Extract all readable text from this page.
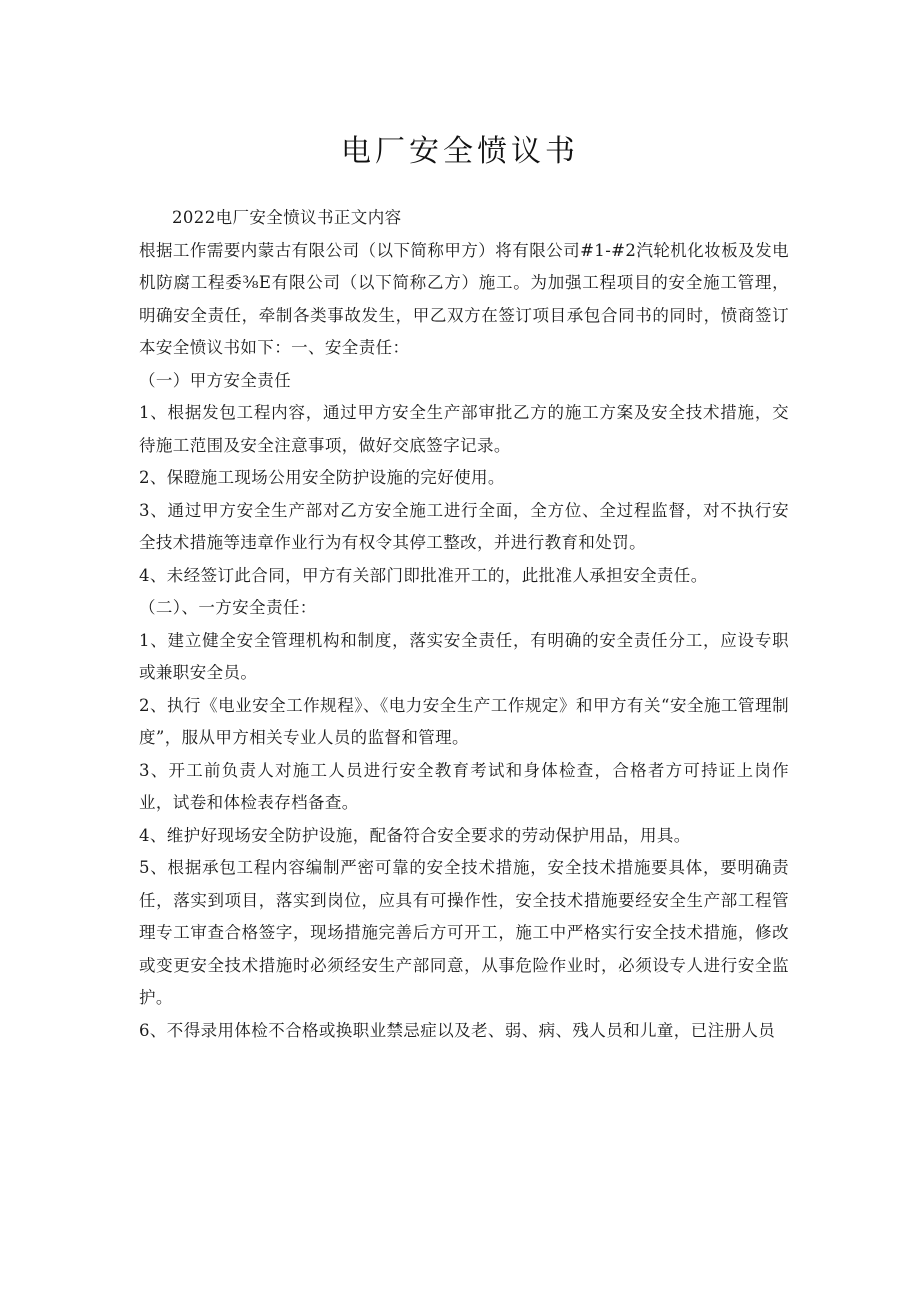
电厂安全愤议书

2022电厂安全愤议书正文内容

根据工作需要内蒙古有限公司（以下简称甲方）将有限公司#1-#2汽轮机化妆板及发电机防腐工程委⅜E有限公司（以下简称乙方）施工。为加强工程项目的安全施工管理，明确安全责任，牵制各类事故发生，甲乙双方在签订项目承包合同书的同时，愤商签订本安全愤议书如下：一、安全责任：

（一）甲方安全责任

1、根据发包工程内容，通过甲方安全生产部审批乙方的施工方案及安全技术措施，交待施工范围及安全注意事项，做好交底签字记录。

2、保瞪施工现场公用安全防护设施的完好使用。

3、通过甲方安全生产部对乙方安全施工进行全面，全方位、全过程监督，对不执行安全技术措施等违章作业行为有权令其停工整改，并进行教育和处罚。

4、未经签订此合同，甲方有关部门即批准开工的，此批准人承担安全责任。

（二）、一方安全责任：

1、建立健全安全管理机构和制度，落实安全责任，有明确的安全责任分工，应设专职或兼职安全员。

2、执行《电业安全工作规程》、《电力安全生产工作规定》和甲方有关“安全施工管理制度”，服从甲方相关专业人员的监督和管理。

3、开工前负责人对施工人员进行安全教育考试和身体检查，合格者方可持证上岗作业，试卷和体检表存档备查。

4、维护好现场安全防护设施，配备符合安全要求的劳动保护用品，用具。

5、根据承包工程内容编制严密可靠的安全技术措施，安全技术措施要具体，要明确责任，落实到项目，落实到岗位，应具有可操作性，安全技术措施要经安全生产部工程管理专工审查合格签字，现场措施完善后方可开工，施工中严格实行安全技术措施，修改或变更安全技术措施时必须经安生产部同意，从事危险作业时，必须设专人进行安全监护。

6、不得录用体检不合格或换职业禁忌症以及老、弱、病、残人员和儿童，已注册人员
